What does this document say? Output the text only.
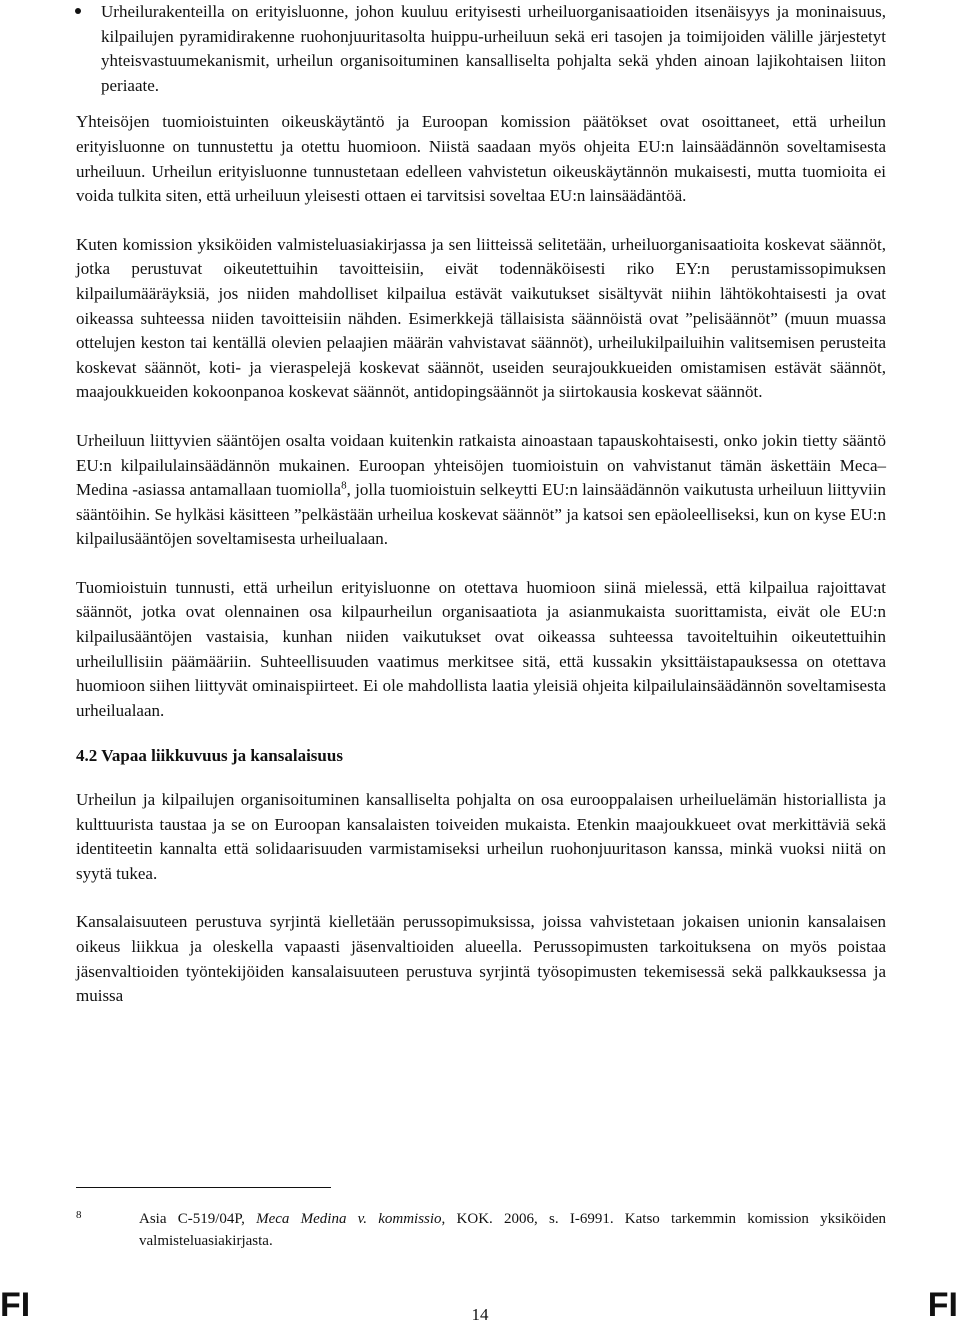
Urheilurakenteilla on erityisluonne, johon kuuluu erityisesti urheiluorganisaatioiden itsenäisyys ja moninaisuus, kilpailujen pyramidirakenne ruohonjuuritasolta huippu-urheiluun sekä eri tasojen ja toimijoiden välille järjestetyt yhteisvastuumekanismit, urheilun organisoituminen kansalliselta pohjalta sekä yhden ainoan lajikohtaisen liiton periaate.

Yhteisöjen tuomioistuinten oikeuskäytäntö ja Euroopan komission päätökset ovat osoittaneet, että urheilun erityisluonne on tunnustettu ja otettu huomioon. Niistä saadaan myös ohjeita EU:n lainsäädännön soveltamisesta urheiluun. Urheilun erityisluonne tunnustetaan edelleen vahvistetun oikeuskäytännön mukaisesti, mutta tuomioita ei voida tulkita siten, että urheiluun yleisesti ottaen ei tarvitsisi soveltaa EU:n lainsäädäntöä.

Kuten komission yksiköiden valmisteluasiakirjassa ja sen liitteissä selitetään, urheiluorganisaatioita koskevat säännöt, jotka perustuvat oikeutettuihin tavoitteisiin, eivät todennäköisesti riko EY:n perustamissopimuksen kilpailumääräyksiä, jos niiden mahdolliset kilpailua estävät vaikutukset sisältyvät niihin lähtökohtaisesti ja ovat oikeassa suhteessa niiden tavoitteisiin nähden. Esimerkkejä tällaisista säännöistä ovat ”pelisäännöt” (muun muassa ottelujen keston tai kentällä olevien pelaajien määrän vahvistavat säännöt), urheilukilpailuihin valitsemisen perusteita koskevat säännöt, koti- ja vieraspelejä koskevat säännöt, useiden seurajoukkueiden omistamisen estävät säännöt, maajoukkueiden kokoonpanoa koskevat säännöt, antidopingsäännöt ja siirtokausia koskevat säännöt.

Urheiluun liittyvien sääntöjen osalta voidaan kuitenkin ratkaista ainoastaan tapauskohtaisesti, onko jokin tietty sääntö EU:n kilpailulainsäädännön mukainen. Euroopan yhteisöjen tuomioistuin on vahvistanut tämän äskettäin Meca–Medina -asiassa antamallaan tuomiolla$^8$, jolla tuomioistuin selkeytti EU:n lainsäädännön vaikutusta urheiluun liittyviin sääntöihin. Se hylkäsi käsitteen ”pelkästään urheilua koskevat säännöt” ja katsoi sen epäoleelliseksi, kun on kyse EU:n kilpailusääntöjen soveltamisesta urheilualaan.

Tuomioistuin tunnusti, että urheilun erityisluonne on otettava huomioon siinä mielessä, että kilpailua rajoittavat säännöt, jotka ovat olennainen osa kilpaurheilun organisaatiota ja asianmukaista suorittamista, eivät ole EU:n kilpailusääntöjen vastaisia, kunhan niiden vaikutukset ovat oikeassa suhteessa tavoiteltuihin oikeutettuihin urheilullisiin päämääriin. Suhteellisuuden vaatimus merkitsee sitä, että kussakin yksittäistapauksessa on otettava huomioon siihen liittyvät ominaispiirteet. Ei ole mahdollista laatia yleisiä ohjeita kilpailulainsäädännön soveltamisesta urheilualaan.

4.2 Vapaa liikkuvuus ja kansalaisuus

Urheilun ja kilpailujen organisoituminen kansalliselta pohjalta on osa eurooppalaisen urheiluelämän historiallista ja kulttuurista taustaa ja se on Euroopan kansalaisten toiveiden mukaista. Etenkin maajoukkueet ovat merkittäviä sekä identiteetin kannalta että solidaarisuuden varmistamiseksi urheilun ruohonjuuritason kanssa, minkä vuoksi niitä on syytä tukea.

Kansalaisuuteen perustuva syrjintä kielletään perussopimuksissa, joissa vahvistetaan jokaisen unionin kansalaisen oikeus liikkua ja oleskella vapaasti jäsenvaltioiden alueella. Perussopimusten tarkoituksena on myös poistaa jäsenvaltioiden työntekijöiden kansalaisuuteen perustuva syrjintä työsopimusten tekemisessä sekä palkkauksessa ja muissa

8	Asia C-519/04P, Meca Medina v. kommissio, KOK. 2006, s. I-6991. Katso tarkemmin komission yksiköiden valmisteluasiakirjasta.
FI	14	FI
